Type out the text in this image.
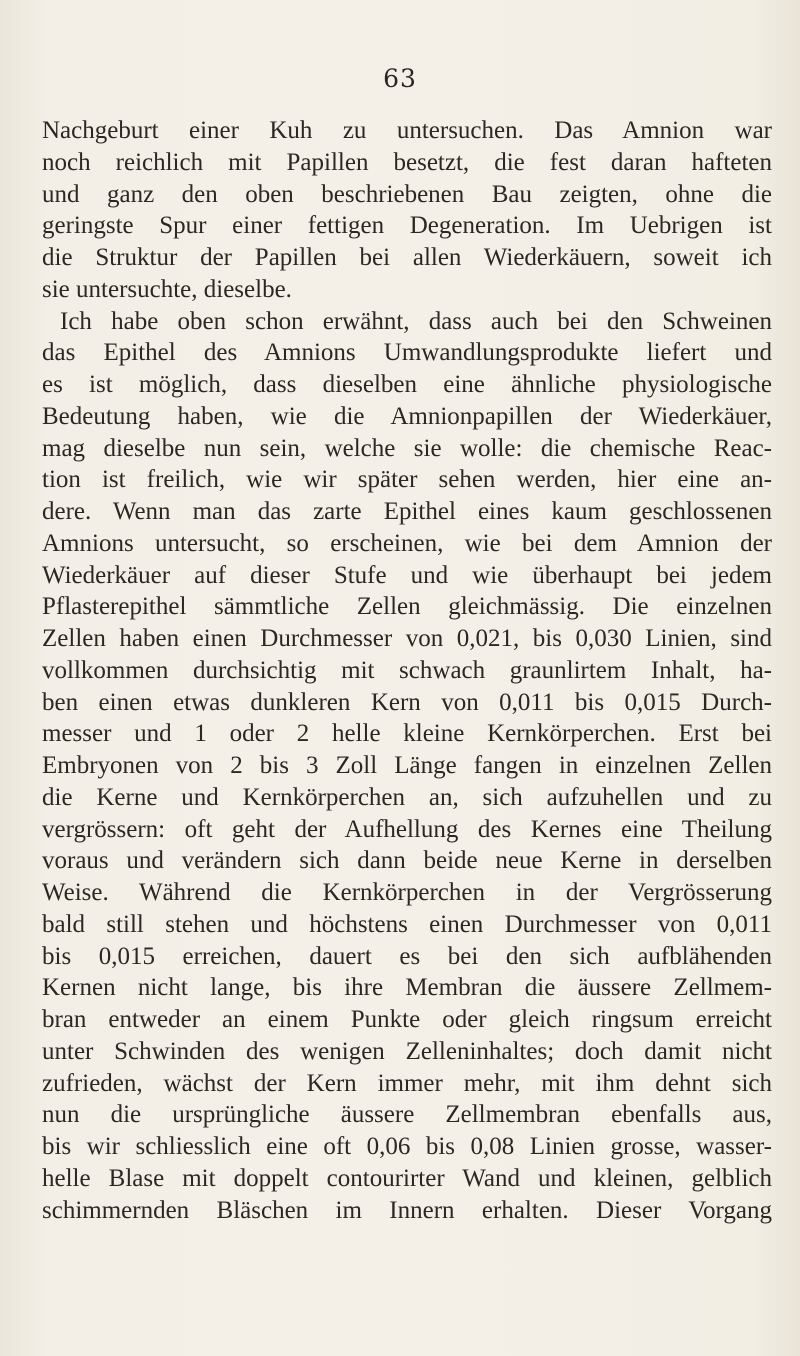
63
Nachgeburt einer Kuh zu untersuchen. Das Amnion war
noch reichlich mit Papillen besetzt, die fest daran hafteten
und ganz den oben beschriebenen Bau zeigten, ohne die
geringste Spur einer fettigen Degeneration. Im Uebrigen ist
die Struktur der Papillen bei allen Wiederkäuern, soweit ich
sie untersuchte, dieselbe.
Ich habe oben schon erwähnt, dass auch bei den Schweinen
das Epithel des Amnions Umwandlungsprodukte liefert und
es ist möglich, dass dieselben eine ähnliche physiologische
Bedeutung haben, wie die Amnionpapillen der Wiederkäuer,
mag dieselbe nun sein, welche sie wolle: die chemische Reac-
tion ist freilich, wie wir später sehen werden, hier eine an-
dere. Wenn man das zarte Epithel eines kaum geschlossenen
Amnions untersucht, so erscheinen, wie bei dem Amnion der
Wiederkäuer auf dieser Stufe und wie überhaupt bei jedem
Pflasterepithel sämmtliche Zellen gleichmässig. Die einzelnen
Zellen haben einen Durchmesser von 0,021, bis 0,030 Linien, sind
vollkommen durchsichtig mit schwach graunlirtem Inhalt, ha-
ben einen etwas dunkleren Kern von 0,011 bis 0,015 Durch-
messer und 1 oder 2 helle kleine Kernkörperchen. Erst bei
Embryonen von 2 bis 3 Zoll Länge fangen in einzelnen Zellen
die Kerne und Kernkörperchen an, sich aufzuhellen und zu
vergrössern: oft geht der Aufhellung des Kernes eine Theilung
voraus und verändern sich dann beide neue Kerne in derselben
Weise. Während die Kernkörperchen in der Vergrösserung
bald still stehen und höchstens einen Durchmesser von 0,011
bis 0,015 erreichen, dauert es bei den sich aufblähenden
Kernen nicht lange, bis ihre Membran die äussere Zellmem-
bran entweder an einem Punkte oder gleich ringsum erreicht
unter Schwinden des wenigen Zelleninhaltes; doch damit nicht
zufrieden, wächst der Kern immer mehr, mit ihm dehnt sich
nun die ursprüngliche äussere Zellmembran ebenfalls aus,
bis wir schliesslich eine oft 0,06 bis 0,08 Linien grosse, wasser-
helle Blase mit doppelt contourirter Wand und kleinen, gelblich
schimmernden Bläschen im Innern erhalten. Dieser Vorgang
